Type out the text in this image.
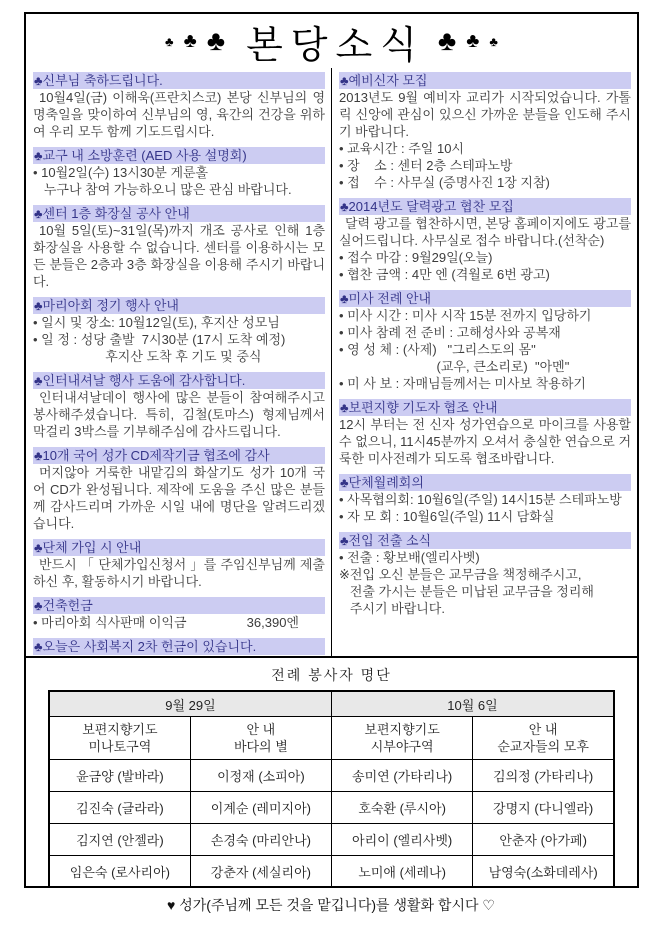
♣ ♣ ♣ 본당소식 ♣ ♣ ♣
♣신부님 축하드립니다.
10월4일(금) 이해욱(프란치스코) 본당 신부님의 영명축일을 맞이하여 신부님의 영, 육간의 건강을 위하여 우리 모두 함께 기도드립시다.
♣교구 내 소방훈련 (AED 사용 설명회)
• 10월2일(수) 13시30분 게룬홀
누구나 참여 가능하오니 많은 관심 바랍니다.
♣센터 1층 화장실 공사 안내
10월 5일(토)~31일(목)까지 개조 공사로 인해 1층 화장실을 사용할 수 없습니다. 센터를 이용하시는 모든 분들은 2층과 3층 화장실을 이용해 주시기 바랍니다.
♣마리아회 정기 행사 안내
• 일시 및 장소: 10월12일(토), 후지산 성모님
• 일 정 : 성당 출발  7시30분 (17시 도착 예정)
후지산 도착 후 기도 및 중식
♣인터내셔날 행사 도움에 감사합니다.
인터내셔날데이 행사에 많은 분들이 참여해주시고 봉사해주셨습니다. 특히, 김철(토마스) 형제님께서 막걸리 3박스를 기부해주심에 감사드립니다.
♣10개 국어 성가 CD제작기금 협조에 감사
머지않아 거룩한 내맡김의 화살기도 성가 10개 국어 CD가 완성됩니다. 제작에 도움을 주신 많은 분들께 감사드리며 가까운 시일 내에 명단을 알려드리겠습니다.
♣단체 가입 시 안내
반드시 「 단체가입신청서 」를 주임신부님께 제출하신 후, 활동하시기 바랍니다.
♣건축헌금
• 마리아회 식사판매 이익금	36,390엔
♣오늘은 사회복지 2차 헌금이 있습니다.
♣예비신자 모집
2013년도 9월 예비자 교리가 시작되었습니다. 가톨릭 신앙에 관심이 있으신 가까운 분들을 인도해 주시기 바랍니다.
• 교육시간 : 주일 10시
• 장    소 : 센터 2층 스테파노방
• 접    수 : 사무실 (증명사진 1장 지참)
♣2014년도 달력광고 협찬 모집
달력 광고를 협찬하시면, 본당 홈페이지에도 광고를 실어드립니다. 사무실로 접수 바랍니다.(선착순)
• 접수 마감 : 9월29일(오늘)
• 협찬 금액 : 4만 엔 (격월로 6번 광고)
♣미사 전례 안내
• 미사 시간 : 미사 시작 15분 전까지 입당하기
• 미사 참례 전 준비 : 고해성사와 공복재
• 영 성 체 : (사제)   "그리스도의 몸"
(교우, 큰소리로)  "아멘"
• 미 사 보 : 자매님들께서는 미사보 착용하기
♣보편지향 기도자 협조 안내
12시 부터는 전 신자 성가연습으로 마이크를 사용할 수 없으니, 11시45분까지 오셔서 충실한 연습으로 거룩한 미사전례가 되도록 협조바랍니다.
♣단체월례회의
• 사목협의회: 10월6일(주일) 14시15분 스테파노방
• 자 모 회 : 10월6일(주일) 11시 담화실
♣전입 전출 소식
• 전출 : 황보배(엘리사벳)
※전입 오신 분들은 교무금을 책정해주시고,
전출 가시는 분들은 미납된 교무금을 정리해
주시기 바랍니다.
전례 봉사자 명단
9월 29일		10월 6일	

보편지향기도
미나토구역

안 내
바다의 별

보편지향기도
시부야구역

안 내
순교자들의 모후

윤금양 (발바라)	이정재 (소피아)	송미연 (가타리나)	김의정 (가타리나)
김진숙 (글라라)	이계순 (레미지아)	호숙환 (루시아)	강명지 (다니엘라)
김지연 (안젤라)	손경숙 (마리안나)	아리이 (엘리사벳)	안춘자 (아가페)
임은숙 (로사리아)	강춘자 (세실리아)	노미애 (세레나)	남영숙(소화데레사)
♥ 성가(주님께 모든 것을 맡깁니다)를 생활화 합시다 ♡
